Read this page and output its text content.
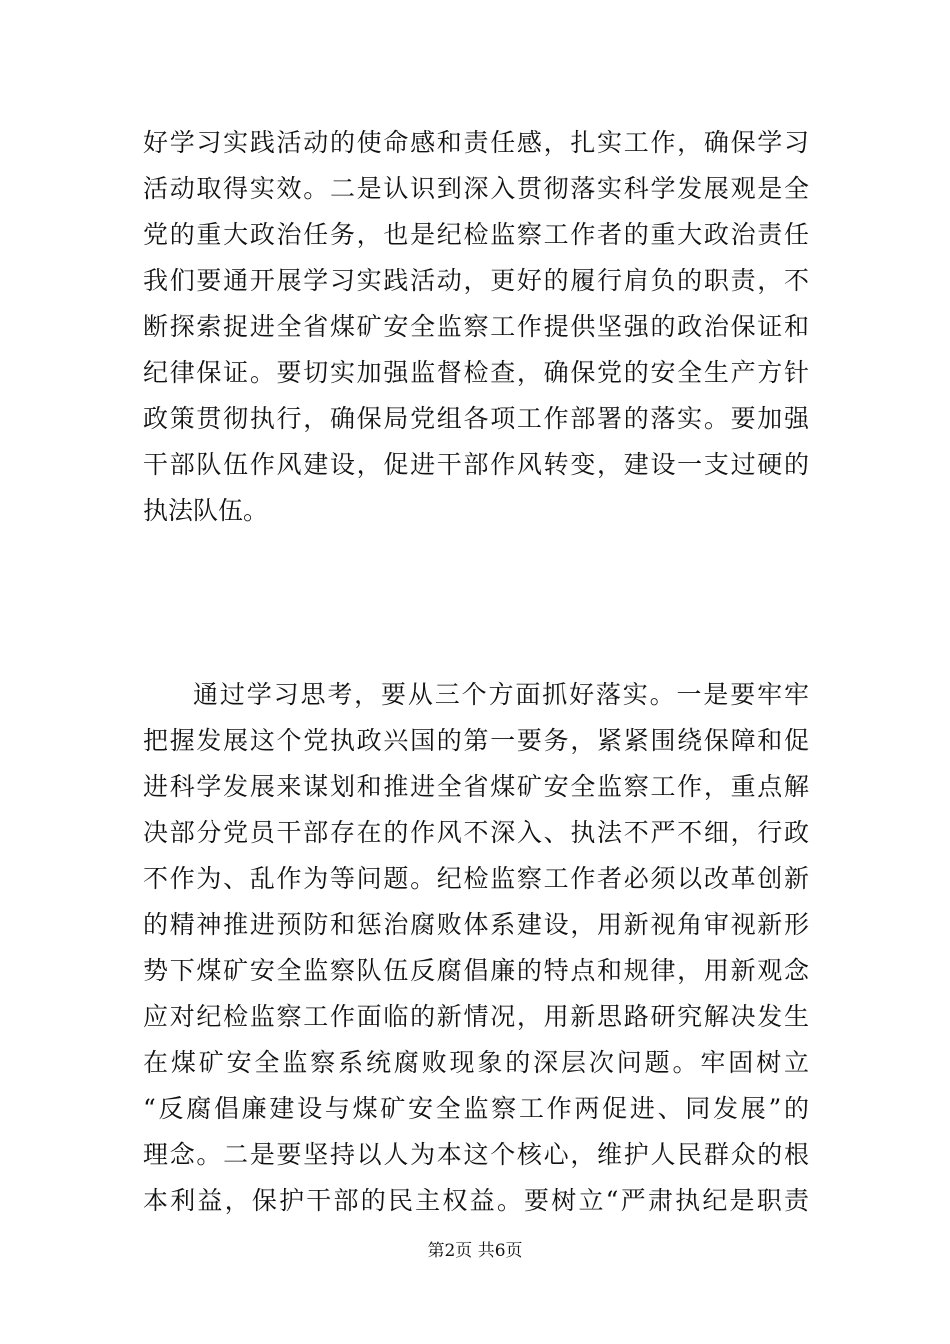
好学习实践活动的使命感和责任感，扎实工作，确保学习
活动取得实效。二是认识到深入贯彻落实科学发展观是全
党的重大政治任务，也是纪检监察工作者的重大政治责任
我们要通开展学习实践活动，更好的履行肩负的职责，不
断探索捉进全省煤矿安全监察工作提供坚强的政治保证和
纪律保证。要切实加强监督检查，确保党的安全生产方针
政策贯彻执行，确保局党组各项工作部署的落实。要加强
干部队伍作风建设，促进干部作风转变，建设一支过硬的
执法队伍。
通过学习思考，要从三个方面抓好落实。一是要牢牢
把握发展这个党执政兴国的第一要务，紧紧围绕保障和促
进科学发展来谋划和推进全省煤矿安全监察工作，重点解
决部分党员干部存在的作风不深入、执法不严不细，行政
不作为、乱作为等问题。纪检监察工作者必须以改革创新
的精神推进预防和惩治腐败体系建设，用新视角审视新形
势下煤矿安全监察队伍反腐倡廉的特点和规律，用新观念
应对纪检监察工作面临的新情况，用新思路研究解决发生
在煤矿安全监察系统腐败现象的深层次问题。牢固树立
“反腐倡廉建设与煤矿安全监察工作两促进、同发展”的
理念。二是要坚持以人为本这个核心，维护人民群众的根
本利益，保护干部的民主权益。要树立“严肃执纪是职责
第2页 共6页
